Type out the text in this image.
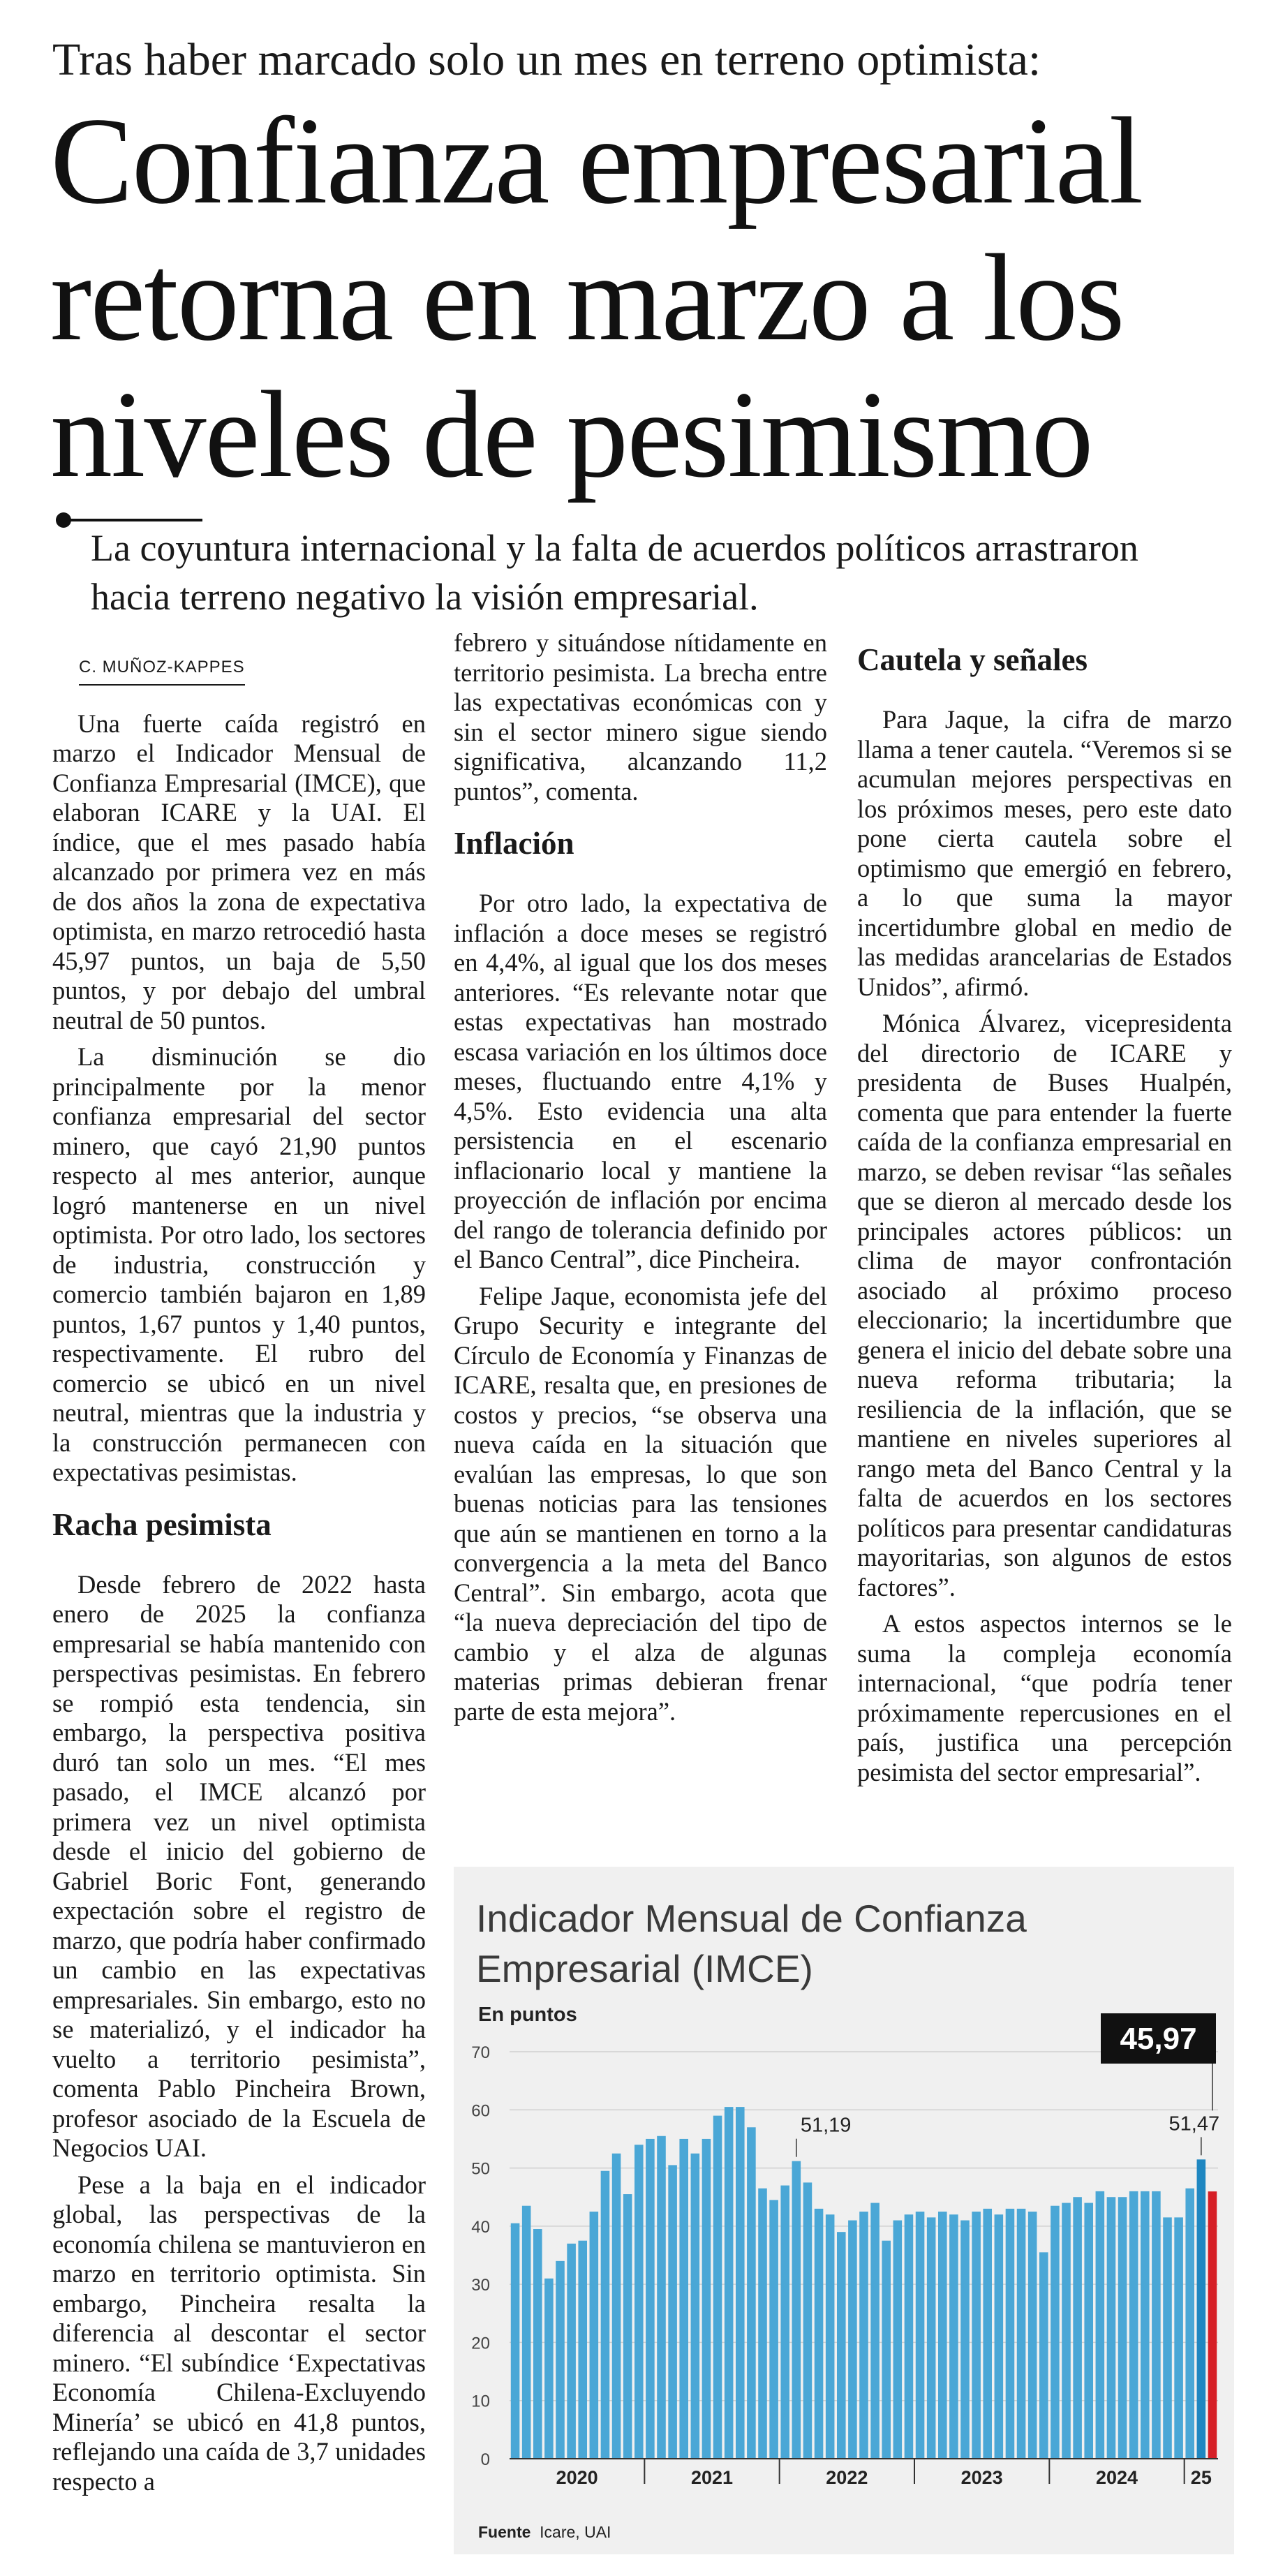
Tras haber marcado solo un mes en terreno optimista:
Confianza empresarial retorna en marzo a los niveles de pesimismo
La coyuntura internacional y la falta de acuerdos políticos arrastraron hacia terreno negativo la visión empresarial.
C. MUÑOZ-KAPPES

Una fuerte caída registró en marzo el Indicador Mensual de Confianza Empresarial (IMCE), que elaboran ICARE y la UAI. El índice, que el mes pasado había alcanzado por primera vez en más de dos años la zona de expectativa optimista, en marzo retrocedió hasta 45,97 puntos, un baja de 5,50 puntos, y por debajo del umbral neutral de 50 puntos.

La disminución se dio principalmente por la menor confianza empresarial del sector minero, que cayó 21,90 puntos respecto al mes anterior, aunque logró mantenerse en un nivel optimista. Por otro lado, los sectores de industria, construcción y comercio también bajaron en 1,89 puntos, 1,67 puntos y 1,40 puntos, respectivamente. El rubro del comercio se ubicó en un nivel neutral, mientras que la industria y la construcción permanecen con expectativas pesimistas.

Racha pesimista

Desde febrero de 2022 hasta enero de 2025 la confianza empresarial se había mantenido con perspectivas pesimistas. En febrero se rompió esta tendencia, sin embargo, la perspectiva positiva duró tan solo un mes. “El mes pasado, el IMCE alcanzó por primera vez un nivel optimista desde el inicio del gobierno de Gabriel Boric Font, generando expectación sobre el registro de marzo, que podría haber confirmado un cambio en las expectativas empresariales. Sin embargo, esto no se materializó, y el indicador ha vuelto a territorio pesimista”, comenta Pablo Pincheira Brown, profesor asociado de la Escuela de Negocios UAI.

Pese a la baja en el indicador global, las perspectivas de la economía chilena se mantuvieron en marzo en territorio optimista. Sin embargo, Pincheira resalta la diferencia al descontar el sector minero. “El subíndice ‘Expectativas Economía Chilena-Excluyendo Minería’ se ubicó en 41,8 puntos, reflejando una caída de 3,7 unidades respecto a

febrero y situándose nítidamente en territorio pesimista. La brecha entre las expectativas económicas con y sin el sector minero sigue siendo significativa, alcanzando 11,2 puntos”, comenta.

Inflación

Por otro lado, la expectativa de inflación a doce meses se registró en 4,4%, al igual que los dos meses anteriores. “Es relevante notar que estas expectativas han mostrado escasa variación en los últimos doce meses, fluctuando entre 4,1% y 4,5%. Esto evidencia una alta persistencia en el escenario inflacionario local y mantiene la proyección de inflación por encima del rango de tolerancia definido por el Banco Central”, dice Pincheira.

Felipe Jaque, economista jefe del Grupo Security e integrante del Círculo de Economía y Finanzas de ICARE, resalta que, en presiones de costos y precios, “se observa una nueva caída en la situación que evalúan las empresas, lo que son buenas noticias para las tensiones que aún se mantienen en torno a la convergencia a la meta del Banco Central”. Sin embargo, acota que “la nueva depreciación del tipo de cambio y el alza de algunas materias primas debieran frenar parte de esta mejora”.

Cautela y señales

Para Jaque, la cifra de marzo llama a tener cautela. “Veremos si se acumulan mejores perspectivas en los próximos meses, pero este dato pone cierta cautela sobre el optimismo que emergió en febrero, a lo que suma la mayor incertidumbre global en medio de las medidas arancelarias de Estados Unidos”, afirmó.

Mónica Álvarez, vicepresidenta del directorio de ICARE y presidenta de Buses Hualpén, comenta que para entender la fuerte caída de la confianza empresarial en marzo, se deben revisar “las señales que se dieron al mercado desde los principales actores públicos: un clima de mayor confrontación asociado al próximo proceso eleccionario; la incertidumbre que genera el inicio del debate sobre una nueva reforma tributaria; la resiliencia de la inflación, que se mantiene en niveles superiores al rango meta del Banco Central y la falta de acuerdos en los sectores políticos para presentar candidaturas mayoritarias, son algunos de estos factores”.

A estos aspectos internos se le suma la compleja economía internacional, “que podría tener próximamente repercusiones en el país, justifica una percepción pesimista del sector empresarial”.

Indicador Mensual de Confianza Empresarial (IMCE)
En puntos
0
10
20
30
40
50
60
70
2020	2021	2022	2023	2024	25
51,19	51,47
45,97
Fuente Icare, UAI
